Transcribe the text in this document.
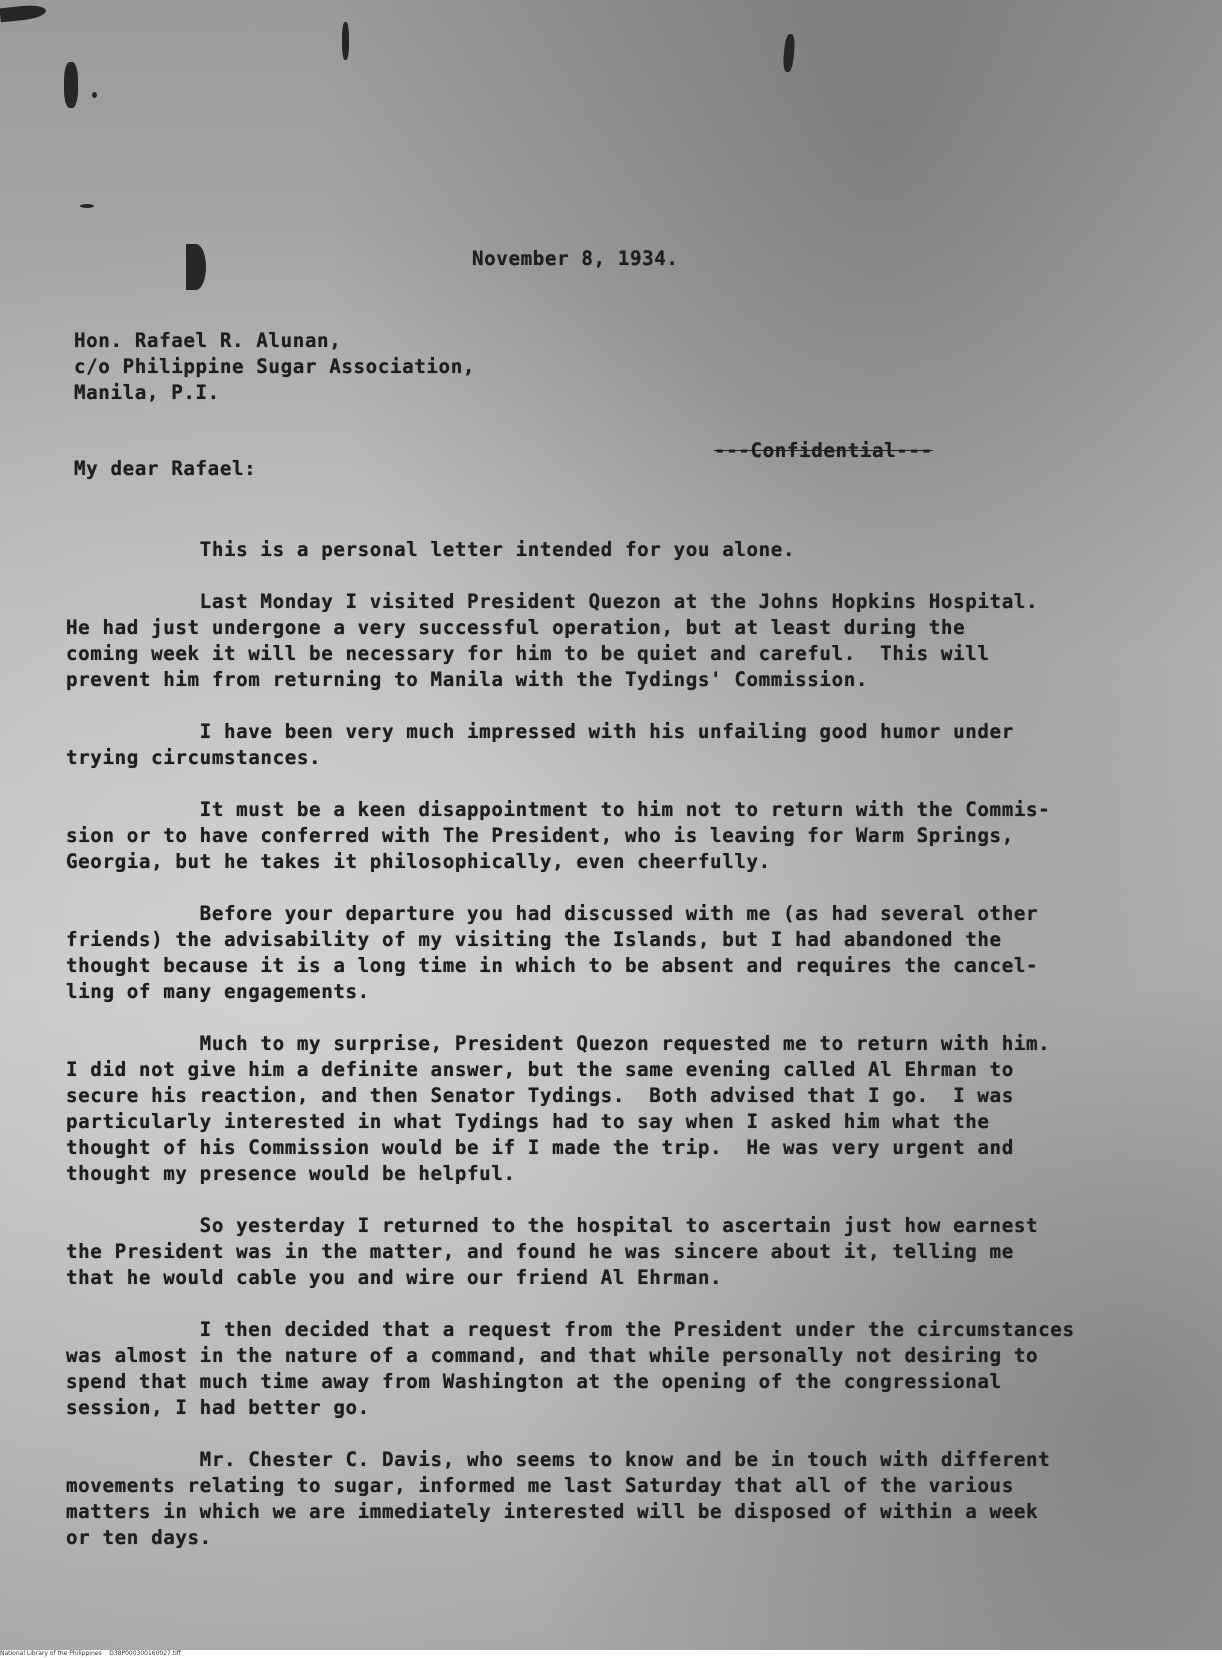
November 8, 1934.
Hon. Rafael R. Alunan,
c/o Philippine Sugar Association,
Manila, P.I.
---Confidential---
My dear Rafael:
This is a personal letter intended for you alone.
Last Monday I visited President Quezon at the Johns Hopkins Hospital.
He had just undergone a very successful operation, but at least during the
coming week it will be necessary for him to be quiet and careful.  This will
prevent him from returning to Manila with the Tydings' Commission.
I have been very much impressed with his unfailing good humor under
trying circumstances.
It must be a keen disappointment to him not to return with the Commis-
sion or to have conferred with The President, who is leaving for Warm Springs,
Georgia, but he takes it philosophically, even cheerfully.
Before your departure you had discussed with me (as had several other
friends) the advisability of my visiting the Islands, but I had abandoned the
thought because it is a long time in which to be absent and requires the cancel-
ling of many engagements.
Much to my surprise, President Quezon requested me to return with him.
I did not give him a definite answer, but the same evening called Al Ehrman to
secure his reaction, and then Senator Tydings.  Both advised that I go.  I was
particularly interested in what Tydings had to say when I asked him what the
thought of his Commission would be if I made the trip.  He was very urgent and
thought my presence would be helpful.
So yesterday I returned to the hospital to ascertain just how earnest
the President was in the matter, and found he was sincere about it, telling me
that he would cable you and wire our friend Al Ehrman.
I then decided that a request from the President under the circumstances
was almost in the nature of a command, and that while personally not desiring to
spend that much time away from Washington at the opening of the congressional
session, I had better go.
Mr. Chester C. Davis, who seems to know and be in touch with different
movements relating to sugar, informed me last Saturday that all of the various
matters in which we are immediately interested will be disposed of within a week
or ten days.
National Library of the Philippines    D38P000300160027.tiff
